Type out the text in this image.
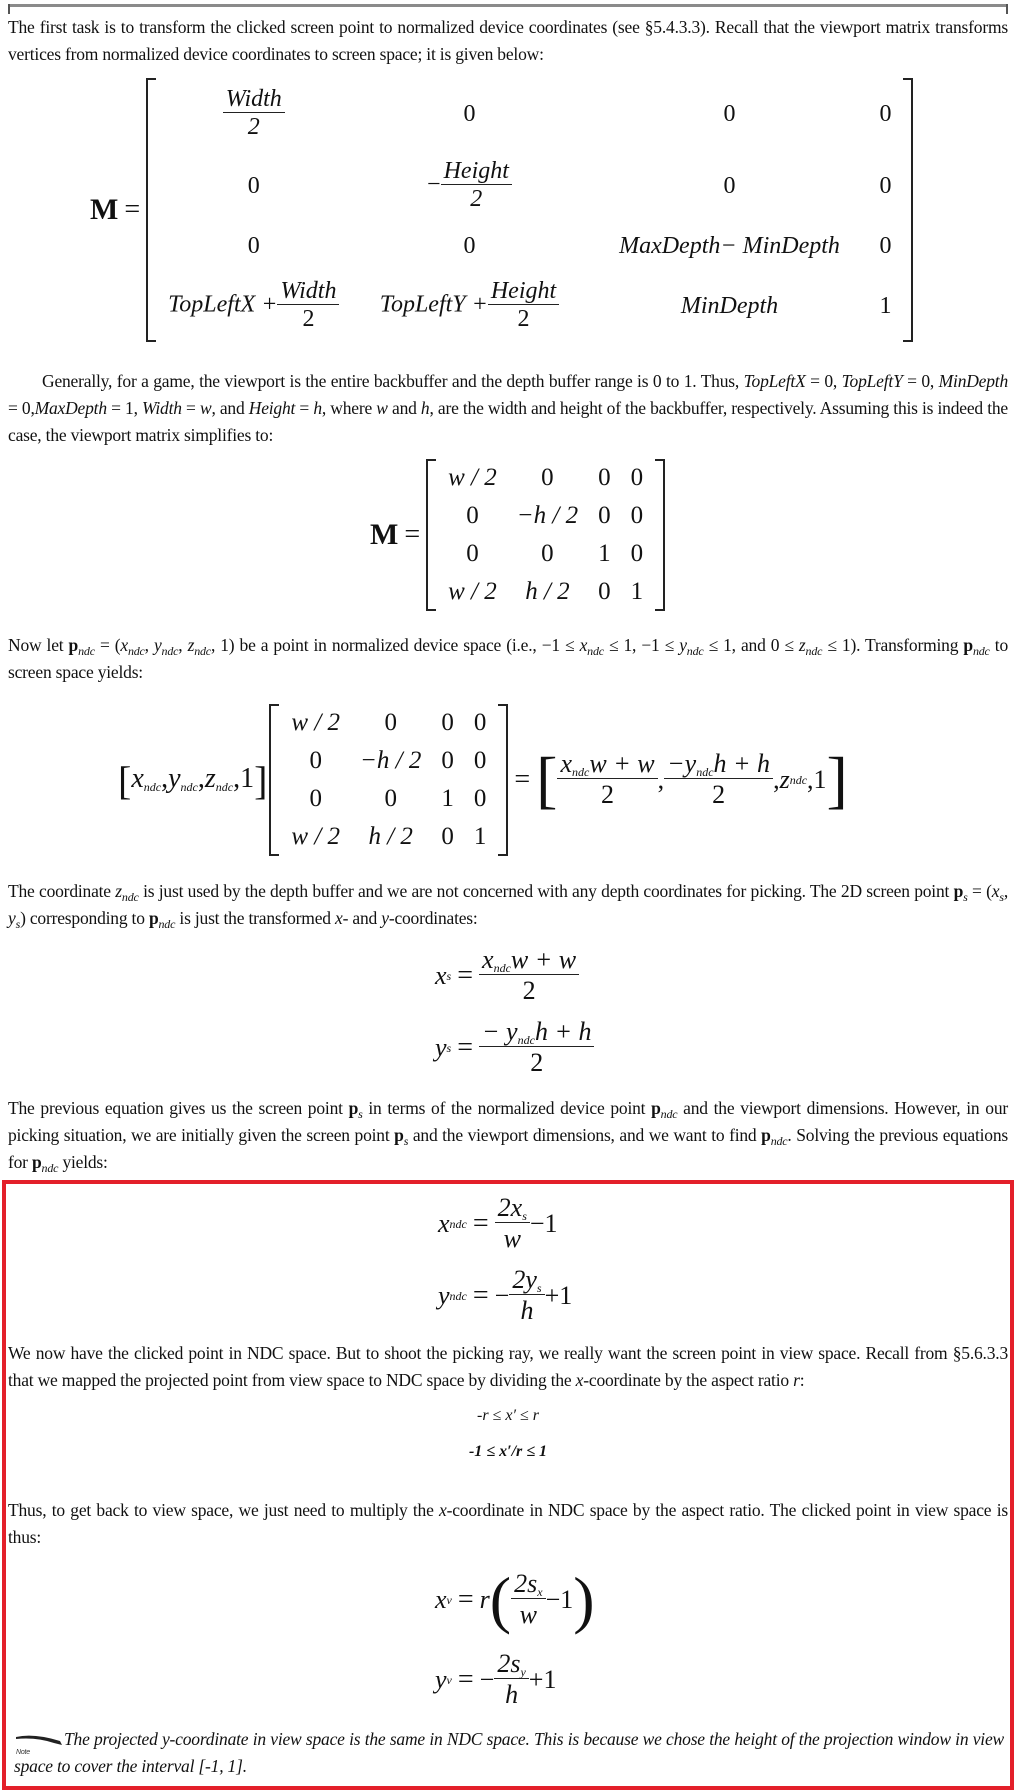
The first task is to transform the clicked screen point to normalized device coordinates (see §5.4.3.3). Recall that the viewport matrix transforms vertices from normalized device coordinates to screen space; it is given below:
M =
$\frac{\text{Width}}{2}$	0	0	0
0	− $\frac{\text{Height}}{2}$	0	0
0	0	MaxDepth− MinDepth	0
TopLeftX + $\frac{\text{Width}}{2}$	TopLeftY + $\frac{\text{Height}}{2}$	MinDepth	1
Generally, for a game, the viewport is the entire backbuffer and the depth buffer range is 0 to 1. Thus, TopLeftX = 0, TopLeftY = 0, MinDepth = 0,MaxDepth = 1, Width = w, and Height = h, where w and h, are the width and height of the backbuffer, respectively. Assuming this is indeed the case, the viewport matrix simplifies to:
M =
w / 2	0	0	0
0	−h / 2	0	0
0	0	1	0
w / 2	h / 2	0	1
Now let $p_{ndc} = (x_{ndc}$, $y_{ndc}$, $z_{ndc}$, 1) be a point in normalized device space (i.e., $-1 \le x_{ndc} \le 1$, $-1 \le y_{ndc} \le 1$, and $0 \le z_{ndc} \le 1$). Transforming $p_{ndc}$ to screen space yields:
$[x_{ndc},y_{ndc},z_{ndc},1]$
w / 2	0	0	0
0	−h / 2	0	0
0	0	1	0
w / 2	h / 2	0	1
= [ $\frac{x_{ndc}w + w}{2}$ , $\frac{-y_{ndc}h + h}{2}$ , z ndc , 1 ]
The coordinate $z_{ndc}$ is just used by the depth buffer and we are not concerned with any depth coordinates for picking. The 2D screen point $p_s = (x_s$, $y_s$) corresponding to $p_{ndc}$ is just the transformed x- and y-coordinates:
x $s = \frac{x_{ndc}w + w}{2}$
y $s = \frac{- y_{ndc}h + h}{2}$
The previous equation gives us the screen point $p_s$ in terms of the normalized device point $p_{ndc}$ and the viewport dimensions. However, in our picking situation, we are initially given the screen point $p_s$ and the viewport dimensions, and we want to find $p_{ndc}$. Solving the previous equations for $p_{ndc}$ yields:
x ndc = $\frac{2x_s}{w} -1$
y ndc = − $\frac{2y_s}{h} +1$
We now have the clicked point in NDC space. But to shoot the picking ray, we really want the screen point in view space. Recall from §5.6.3.3 that we mapped the projected point from view space to NDC space by dividing the x-coordinate by the aspect ratio r:
-r ≤ x′ ≤ r
-1 ≤ x′/r ≤ 1
Thus, to get back to view space, we just need to multiply the x-coordinate in NDC space by the aspect ratio. The clicked point in view space is thus:
x v = r ( $\frac{2s_x}{w} -1$ )
y v = − $\frac{2s_y}{h} +1$
Note
The projected y-coordinate in view space is the same in NDC space. This is because we chose the height of the projection window in view space to cover the interval [-1, 1].
